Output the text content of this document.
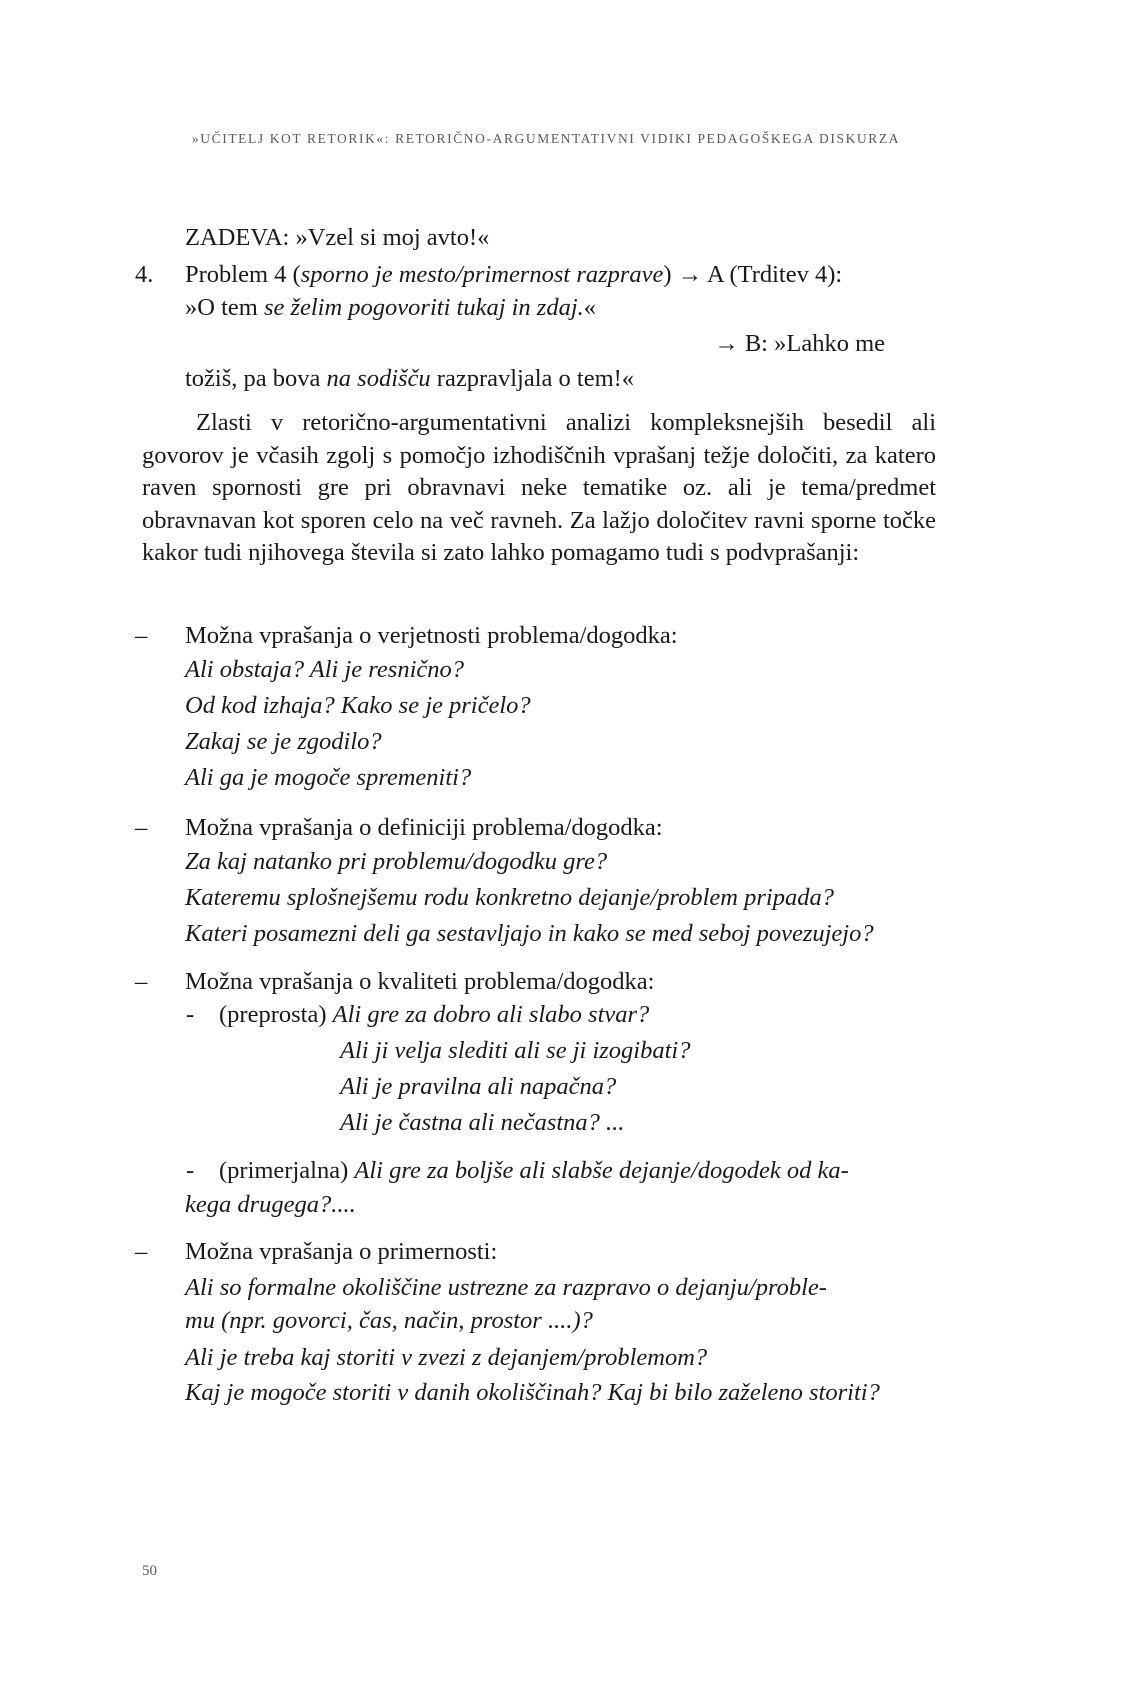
»UČITELJ KOT RETORIK«: RETORIČNO-ARGUMENTATIVNI VIDIKI PEDAGOŠKEGA DISKURZA
ZADEVA: »Vzel si moj avto!«
4. Problem 4 (sporno je mesto/primernost razprave) → A (Trditev 4):
»O tem se želim pogovoriti tukaj in zdaj.«
→ B: »Lahko me
tožiš, pa bova na sodišču razpravljala o tem!«
Zlasti v retorično-argumentativni analizi kompleksnejših besedil ali govorov je včasih zgolj s pomočjo izhodiščnih vprašanj težje določiti, za katero raven spornosti gre pri obravnavi neke tematike oz. ali je tema/predmet obravnavan kot sporen celo na več ravneh. Za lažjo določitev ravni sporne točke kakor tudi njihovega števila si zato lahko pomagamo tudi s podvprašanji:
– Možna vprašanja o verjetnosti problema/dogodka:
Ali obstaja? Ali je resnično?
Od kod izhaja? Kako se je pričelo?
Zakaj se je zgodilo?
Ali ga je mogoče spremeniti?
– Možna vprašanja o definiciji problema/dogodka:
Za kaj natanko pri problemu/dogodku gre?
Kateremu splošnejšemu rodu konkretno dejanje/problem pripada?
Kateri posamezni deli ga sestavljajo in kako se med seboj povezujejo?
– Možna vprašanja o kvaliteti problema/dogodka:
- (preprosta) Ali gre za dobro ali slabo stvar?
Ali ji velja slediti ali se ji izogibati?
Ali je pravilna ali napačna?
Ali je častna ali nečastna? ...
- (primerjalna) Ali gre za boljše ali slabše dejanje/dogodek od ka-
kega drugega?....
– Možna vprašanja o primernosti:
Ali so formalne okoliščine ustrezne za razpravo o dejanju/proble-
mu (npr. govorci, čas, način, prostor ....)?
Ali je treba kaj storiti v zvezi z dejanjem/problemom?
Kaj je mogoče storiti v danih okoliščinah? Kaj bi bilo zaželeno storiti?
50
